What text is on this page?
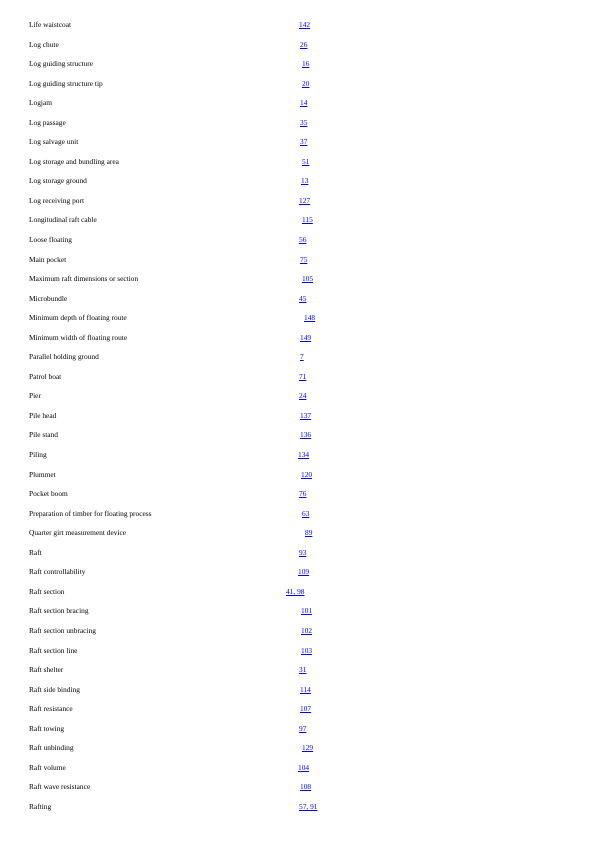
Life waistcoat	142
Log chute	26
Log guiding structure	16
Log guiding structure tip	20
Logjam	14
Log passage	35
Log salvage unit	37
Log storage and bundling area	51
Log storage ground	13
Log receiving port	127
Longitudinal raft cable	115
Loose floating	56
Main pocket	75
Maximum raft dimensions or section	105
Microbundle	45
Minimum depth of floating route	148
Minimum width of floating route	149
Parallel holding ground	7
Patrol boat	71
Pier	24
Pile head	137
Pile stand	136
Piling	134
Plummet	120
Pocket boom	76
Preparation of timber for floating process	63
Quarter girt measurement device	89
Raft	93
Raft controllability	109
Raft section	41, 98
Raft section bracing	101
Raft section unbracing	102
Raft section line	103
Raft shelter	31
Raft side binding	114
Raft resistance	107
Raft towing	97
Raft unbinding	129
Raft volume	104
Raft wave resistance	108
Rafting	57, 91
